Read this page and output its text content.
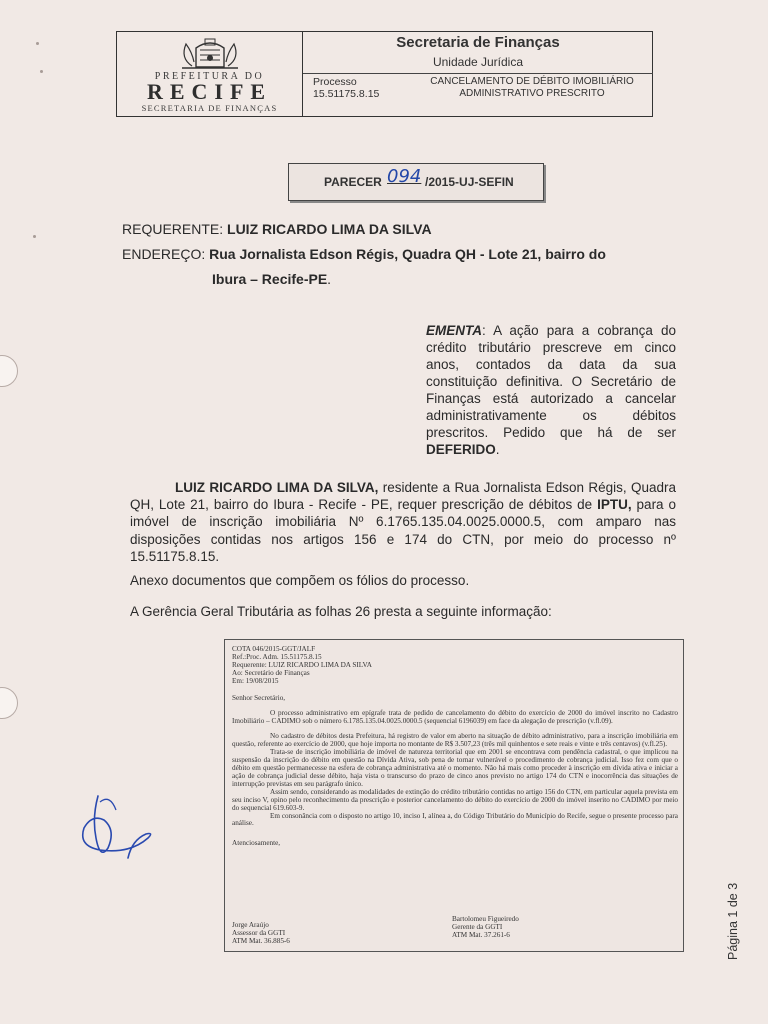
PREFEITURA DO
RECIFE
SECRETARIA DE FINANÇAS
Secretaria de Finanças
Unidade Jurídica
Processo
15.51175.8.15
CANCELAMENTO DE DÉBITO IMOBILIÁRIO
ADMINISTRATIVO PRESCRITO
PARECER 094 /2015-UJ-SEFIN
REQUERENTE: LUIZ RICARDO LIMA DA SILVA
ENDEREÇO: Rua Jornalista Edson Régis, Quadra QH - Lote 21, bairro do
Ibura – Recife-PE.
EMENTA: A ação para a cobrança do crédito tributário prescreve em cinco anos, contados da data da sua constituição definitiva. O Secretário de Finanças está autorizado a cancelar administrativamente os débitos prescritos. Pedido que há de ser DEFERIDO.
LUIZ RICARDO LIMA DA SILVA, residente a Rua Jornalista Edson Régis, Quadra QH, Lote 21, bairro do Ibura - Recife - PE, requer prescrição de débitos de IPTU, para o imóvel de inscrição imobiliária Nº 6.1765.135.04.0025.0000.5, com amparo nas disposições contidas nos artigos 156 e 174 do CTN, por meio do processo nº 15.51175.8.15.
Anexo documentos que compõem os fólios do processo.
A Gerência Geral Tributária as folhas 26 presta a seguinte informação:
COTA 046/2015-GGT/JALF
Ref.:Proc. Adm. 15.51175.8.15
Requerente: LUIZ RICARDO LIMA DA SILVA
Ao: Secretário de Finanças
Em: 19/08/2015
Senhor Secretário,

O processo administrativo em epígrafe trata de pedido de cancelamento do débito do exercício de 2000 do imóvel inscrito no Cadastro Imobiliário – CADIMO sob o número 6.1785.135.04.0025.0000.5 (sequencial 6196039) em face da alegação de prescrição (v.fl.09).

No cadastro de débitos desta Prefeitura, há registro de valor em aberto na situação de débito administrativo, para a inscrição imobiliária em questão, referente ao exercício de 2000, que hoje importa no montante de R$ 3.507,23 (três mil quinhentos e sete reais e vinte e três centavos) (v.fl.25).

Trata-se de inscrição imobiliária de imóvel de natureza territorial que em 2001 se encontrava com pendência cadastral, o que implicou na suspensão da inscrição do débito em questão na Dívida Ativa, sob pena de tornar vulnerável o procedimento de cobrança judicial. Isso fez com que o débito em questão permanecesse na esfera de cobrança administrativa até o momento. Não há mais como proceder à inscrição em dívida ativa e iniciar a ação de cobrança judicial desse débito, haja vista o transcurso do prazo de cinco anos previsto no artigo 174 do CTN e inocorrência das situações de interrupção previstas em seu parágrafo único.

Assim sendo, considerando as modalidades de extinção do crédito tributário contidas no artigo 156 do CTN, em particular aquela prevista em seu inciso V, opino pelo reconhecimento da prescrição e posterior cancelamento do débito do exercício de 2000 do imóvel inserito no CADIMO por meio do sequencial 619.603-9.

Em consonância com o disposto no artigo 10, inciso I, alínea a, do Código Tributário do Município do Recife, segue o presente processo para análise.

Atenciosamente,
Jorge Araújo
Assessor da GGTI
ATM Mat. 36.885-6
Bartolomeu Figueiredo
Gerente da GGTI
ATM Mat. 37.261-6	Página 1 de 3
